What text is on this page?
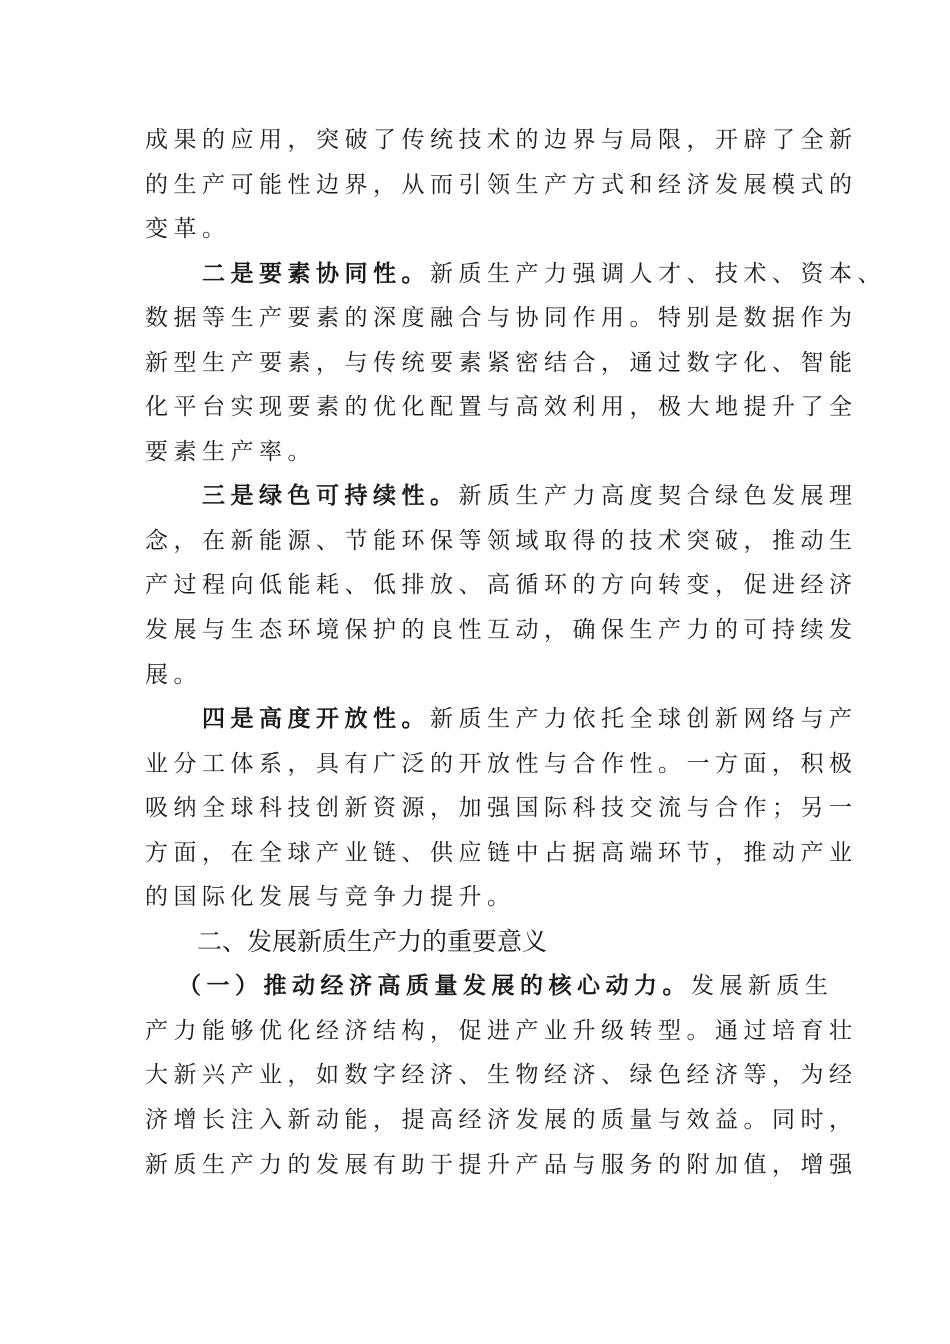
成果的应用，突破了传统技术的边界与局限，开辟了全新
的生产可能性边界，从而引领生产方式和经济发展模式的
变革。
二是要素协同性。新质生产力强调人才、技术、资本、
数据等生产要素的深度融合与协同作用。特别是数据作为
新型生产要素，与传统要素紧密结合，通过数字化、智能
化平台实现要素的优化配置与高效利用，极大地提升了全
要素生产率。
三是绿色可持续性。新质生产力高度契合绿色发展理
念，在新能源、节能环保等领域取得的技术突破，推动生
产过程向低能耗、低排放、高循环的方向转变，促进经济
发展与生态环境保护的良性互动，确保生产力的可持续发
展。
四是高度开放性。新质生产力依托全球创新网络与产
业分工体系，具有广泛的开放性与合作性。一方面，积极
吸纳全球科技创新资源，加强国际科技交流与合作；另一
方面，在全球产业链、供应链中占据高端环节，推动产业
的国际化发展与竞争力提升。
二、发展新质生产力的重要意义
（一）推动经济高质量发展的核心动力。发展新质生
产力能够优化经济结构，促进产业升级转型。通过培育壮
大新兴产业，如数字经济、生物经济、绿色经济等，为经
济增长注入新动能，提高经济发展的质量与效益。同时，
新质生产力的发展有助于提升产品与服务的附加值，增强
